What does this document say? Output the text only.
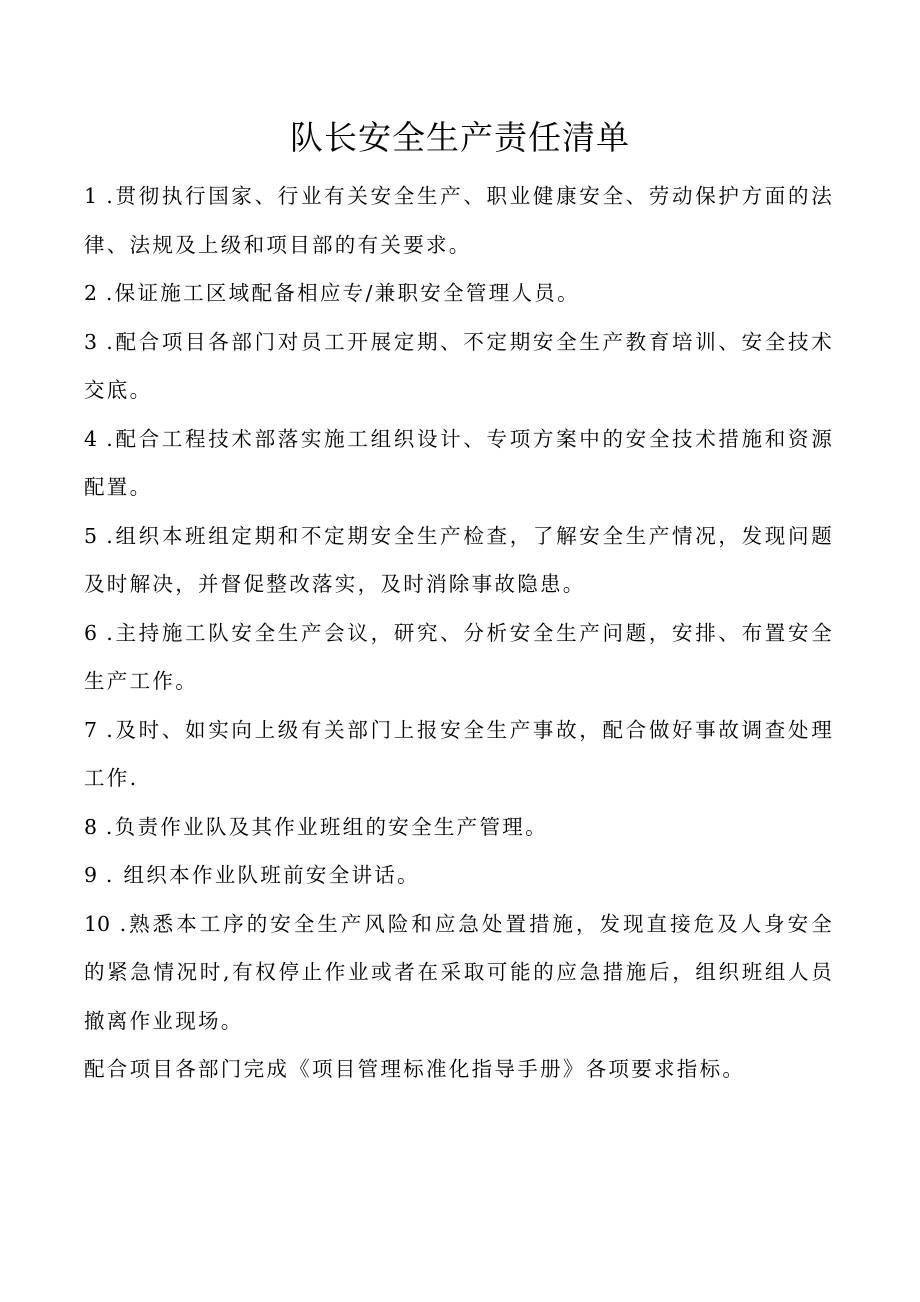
队长安全生产责任清单

1 .贯彻执行国家、行业有关安全生产、职业健康安全、劳动保护方面的法律、法规及上级和项目部的有关要求。

2 .保证施工区域配备相应专/兼职安全管理人员。

3 .配合项目各部门对员工开展定期、不定期安全生产教育培训、安全技术交底。

4 .配合工程技术部落实施工组织设计、专项方案中的安全技术措施和资源配置。

5 .组织本班组定期和不定期安全生产检查，了解安全生产情况，发现问题及时解决，并督促整改落实，及时消除事故隐患。

6 .主持施工队安全生产会议，研究、分析安全生产问题，安排、布置安全生产工作。

7 .及时、如实向上级有关部门上报安全生产事故，配合做好事故调查处理工作.

8 .负责作业队及其作业班组的安全生产管理。

9 . 组织本作业队班前安全讲话。

10 .熟悉本工序的安全生产风险和应急处置措施，发现直接危及人身安全的紧急情况时,有权停止作业或者在采取可能的应急措施后，组织班组人员撤离作业现场。

配合项目各部门完成《项目管理标准化指导手册》各项要求指标。
